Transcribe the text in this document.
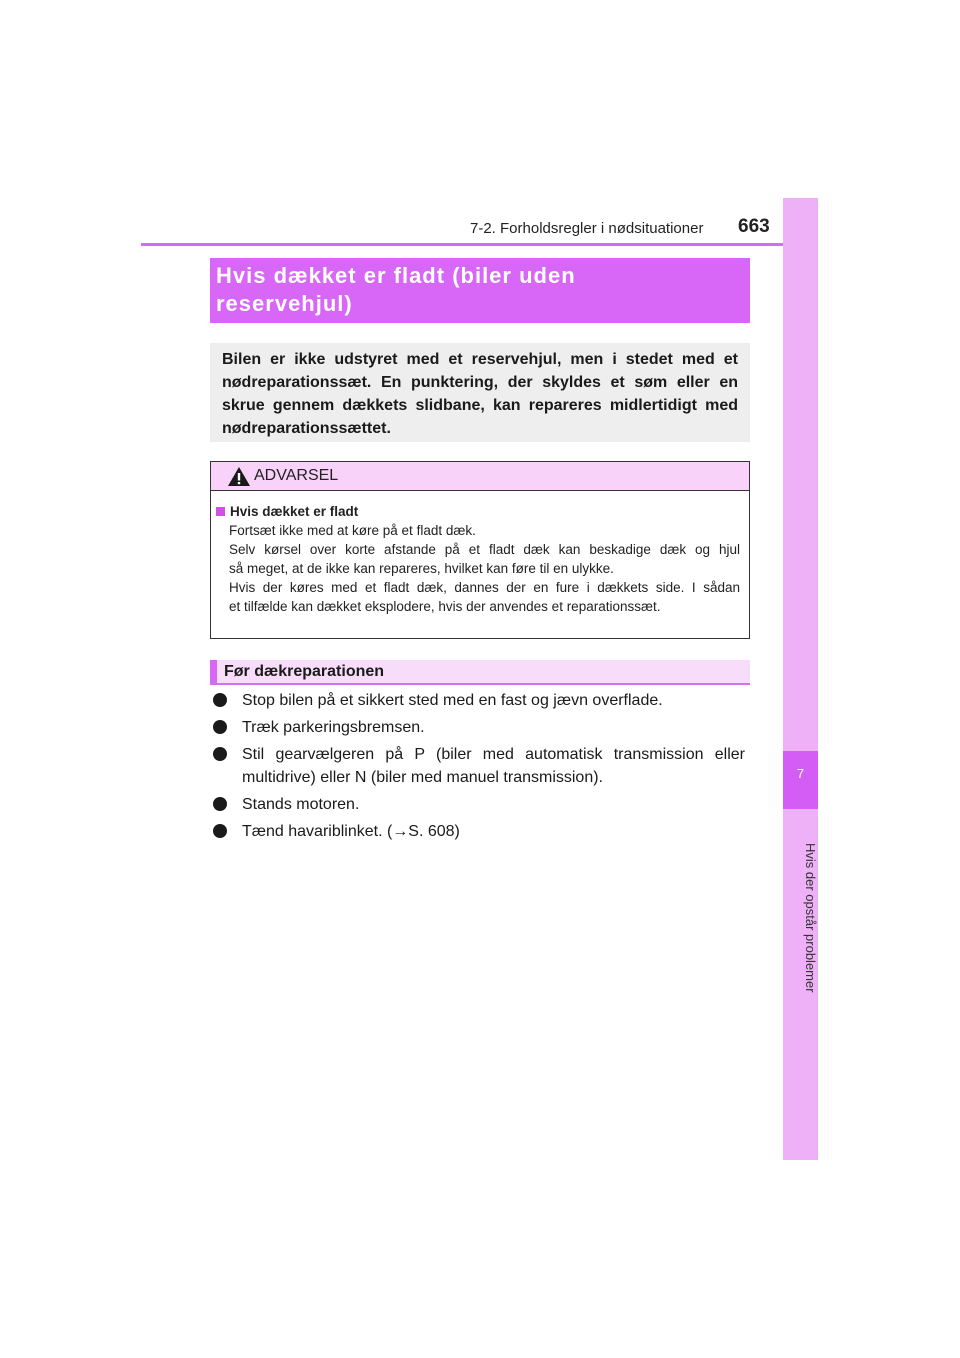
7-2. Forholdsregler i nødsituationer 663
7
Hvis der opstår problemer
Hvis dækket er fladt (biler uden
reservehjul)
Bilen er ikke udstyret med et reservehjul, men i stedet med et
nødreparationssæt. En punktering, der skyldes et søm eller en
skrue gennem dækkets slidbane, kan repareres midlertidigt med
nødreparationssættet.
ADVARSEL
Hvis dækket er fladt
Fortsæt ikke med at køre på et fladt dæk.
Selv kørsel over korte afstande på et fladt dæk kan beskadige dæk og hjul
så meget, at de ikke kan repareres, hvilket kan føre til en ulykke.
Hvis der køres med et fladt dæk, dannes der en fure i dækkets side. I sådan
et tilfælde kan dækket eksplodere, hvis der anvendes et reparationssæt.
Før dækreparationen
Stop bilen på et sikkert sted med en fast og jævn overflade.
Træk parkeringsbremsen.
Stil gearvælgeren på P (biler med automatisk transmission eller
multidrive) eller N (biler med manuel transmission).
Stands motoren.
Tænd havariblinket. (→S. 608)
